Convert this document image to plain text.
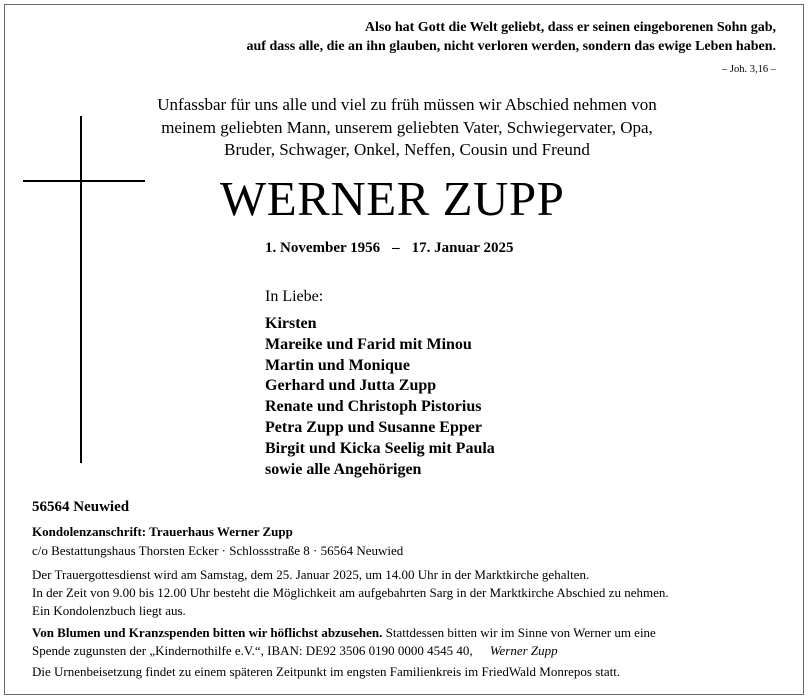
Also hat Gott die Welt geliebt, dass er seinen eingeborenen Sohn gab,
auf dass alle, die an ihn glauben, nicht verloren werden, sondern das ewige Leben haben.
– Joh. 3,16 –
Unfassbar für uns alle und viel zu früh müssen wir Abschied nehmen von
meinem geliebten Mann, unserem geliebten Vater, Schwiegervater, Opa,
Bruder, Schwager, Onkel, Neffen, Cousin und Freund
WERNER ZUPP
1. November 1956 – 17. Januar 2025
In Liebe:
Kirsten
Mareike und Farid mit Minou
Martin und Monique
Gerhard und Jutta Zupp
Renate und Christoph Pistorius
Petra Zupp und Susanne Epper
Birgit und Kicka Seelig mit Paula
sowie alle Angehörigen
56564 Neuwied
Kondolenzanschrift: Trauerhaus Werner Zupp
c/o Bestattungshaus Thorsten Ecker · Schlossstraße 8 · 56564 Neuwied
Der Trauergottesdienst wird am Samstag, dem 25. Januar 2025, um 14.00 Uhr in der Marktkirche gehalten.
In der Zeit von 9.00 bis 12.00 Uhr besteht die Möglichkeit am aufgebahrten Sarg in der Marktkirche Abschied zu nehmen.
Ein Kondolenzbuch liegt aus.
Von Blumen und Kranzspenden bitten wir höflichst abzusehen. Stattdessen bitten wir im Sinne von Werner um eine
Spende zugunsten der „Kindernothilfe e.V.“, IBAN: DE92 3506 0190 0000 4545 40, Werner Zupp
Die Urnenbeisetzung findet zu einem späteren Zeitpunkt im engsten Familienkreis im FriedWald Monrepos statt.
